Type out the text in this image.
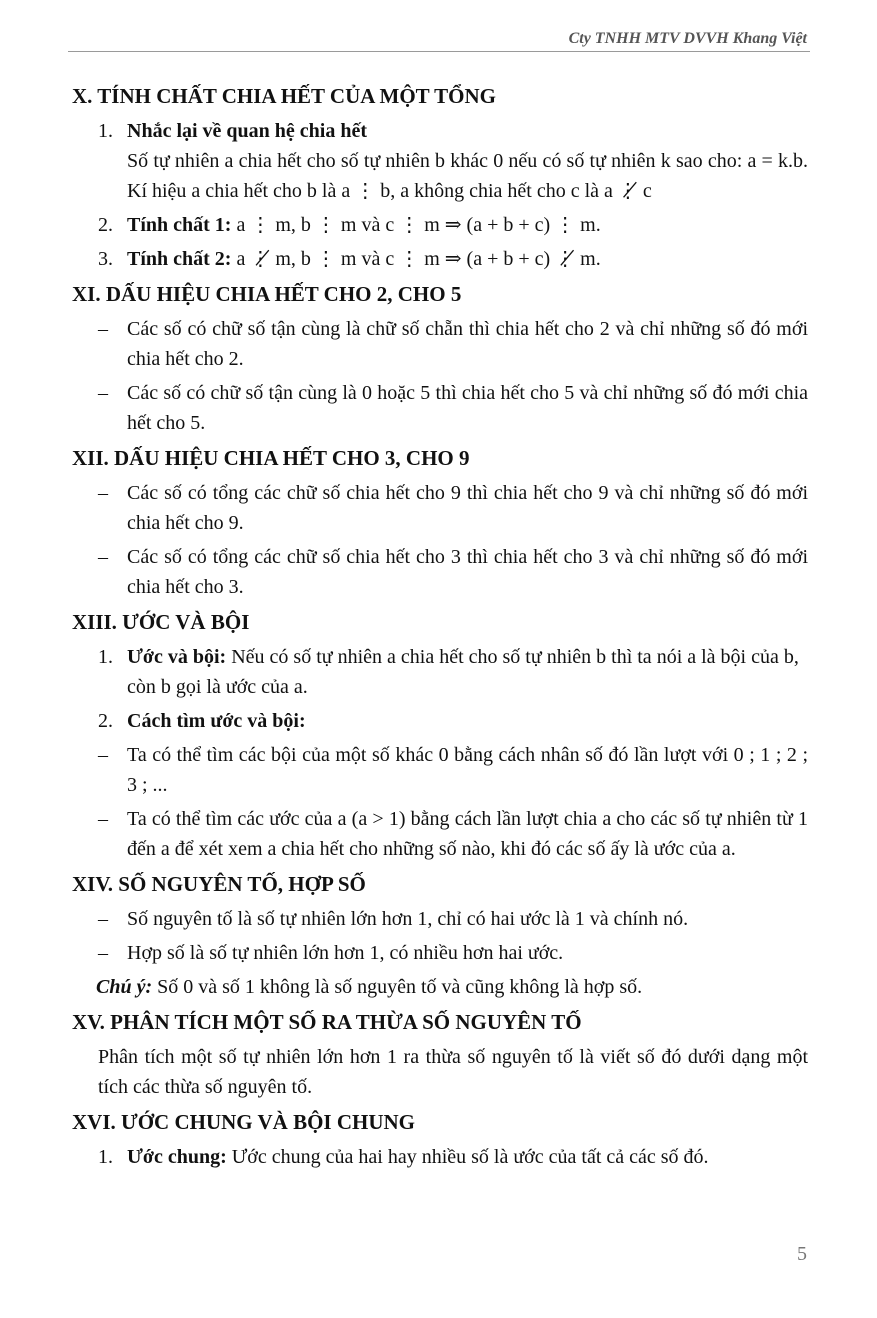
Cty TNHH MTV DVVH Khang Việt
X. TÍNH CHẤT CHIA HẾT CỦA MỘT TỔNG
1. Nhắc lại về quan hệ chia hết
Số tự nhiên a chia hết cho số tự nhiên b khác 0 nếu có số tự nhiên k sao cho: a = k.b. Kí hiệu a chia hết cho b là a ⋮ b, a không chia hết cho c là a ⋮̸ c
2. Tính chất 1: a ⋮ m, b ⋮ m và c ⋮ m ⇒ (a + b + c) ⋮ m.
3. Tính chất 2: a ⋮̸ m, b ⋮ m và c ⋮ m ⇒ (a + b + c) ⋮̸ m.
XI. DẤU HIỆU CHIA HẾT CHO 2, CHO 5
– Các số có chữ số tận cùng là chữ số chẵn thì chia hết cho 2 và chỉ những số đó mới chia hết cho 2.
– Các số có chữ số tận cùng là 0 hoặc 5 thì chia hết cho 5 và chỉ những số đó mới chia hết cho 5.
XII. DẤU HIỆU CHIA HẾT CHO 3, CHO 9
– Các số có tổng các chữ số chia hết cho 9 thì chia hết cho 9 và chỉ những số đó mới chia hết cho 9.
– Các số có tổng các chữ số chia hết cho 3 thì chia hết cho 3 và chỉ những số đó mới chia hết cho 3.
XIII. ƯỚC VÀ BỘI
1. Ước và bội: Nếu có số tự nhiên a chia hết cho số tự nhiên b thì ta nói a là bội của b, còn b gọi là ước của a.
2. Cách tìm ước và bội:
– Ta có thể tìm các bội của một số khác 0 bằng cách nhân số đó lần lượt với 0 ; 1 ; 2 ; 3 ; ...
– Ta có thể tìm các ước của a (a > 1) bằng cách lần lượt chia a cho các số tự nhiên từ 1 đến a để xét xem a chia hết cho những số nào, khi đó các số ấy là ước của a.
XIV. SỐ NGUYÊN TỐ, HỢP SỐ
– Số nguyên tố là số tự nhiên lớn hơn 1, chỉ có hai ước là 1 và chính nó.
– Hợp số là số tự nhiên lớn hơn 1, có nhiều hơn hai ước.
Chú ý: Số 0 và số 1 không là số nguyên tố và cũng không là hợp số.
XV. PHÂN TÍCH MỘT SỐ RA THỪA SỐ NGUYÊN TỐ
Phân tích một số tự nhiên lớn hơn 1 ra thừa số nguyên tố là viết số đó dưới dạng một tích các thừa số nguyên tố.
XVI. ƯỚC CHUNG VÀ BỘI CHUNG
1. Ước chung: Ước chung của hai hay nhiều số là ước của tất cả các số đó.
5
